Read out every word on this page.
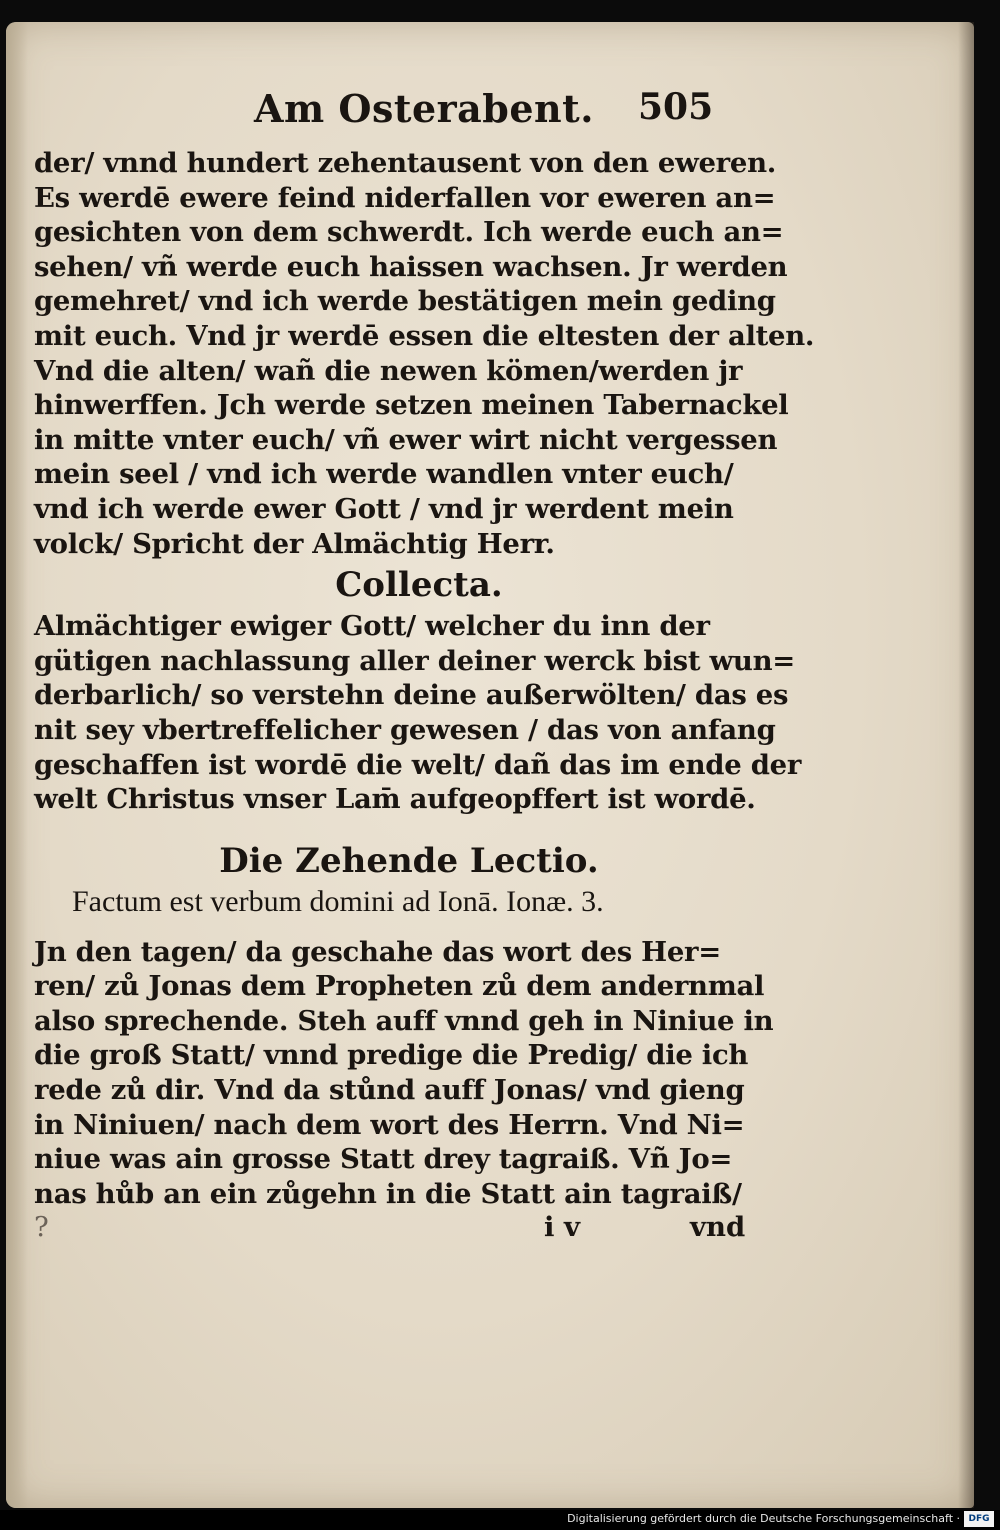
Am Osterabent. 505
der/ vnnd hundert zehentausent von den eweren.
Es werdē ewere feind niderfallen vor eweren an=
gesichten von dem schwerdt. Ich werde euch an=
sehen/ vñ werde euch haissen wachsen. Jr werden
gemehret/ vnd ich werde bestätigen mein geding
mit euch. Vnd jr werdē essen die eltesten der alten.
Vnd die alten/ wañ die newen kömen/werden jr
hinwerffen. Jch werde setzen meinen Tabernackel
in mitte vnter euch/ vñ ewer wirt nicht vergessen
mein seel / vnd ich werde wandlen vnter euch/
vnd ich werde ewer Gott / vnd jr werdent mein
volck/ Spricht der Almächtig Herr.
Collecta.
Almächtiger ewiger Gott/ welcher du inn der
gütigen nachlassung aller deiner werck bist wun=
derbarlich/ so verstehn deine außerwölten/ das es
nit sey vbertreffelicher gewesen / das von anfang
geschaffen ist wordē die welt/ dañ das im ende der
welt Christus vnser Lam̄ aufgeopffert ist wordē.
Die Zehende Lectio.
Factum est verbum domini ad Ionā. Ionæ. 3.
Jn den tagen/ da geschahe das wort des Her=
ren/ zů Jonas dem Propheten zů dem andernmal
also sprechende. Steh auff vnnd geh in Niniue in
die groß Statt/ vnnd predige die Predig/ die ich
rede zů dir. Vnd da stůnd auff Jonas/ vnd gieng
in Niniuen/ nach dem wort des Herrn. Vnd Ni=
niue was ain grosse Statt drey tagraiß. Vñ Jo=
nas hůb an ein zůgehn in die Statt ain tagraiß/
?	i v	vnd
Digitalisierung gefördert durch die Deutsche Forschungsgemeinschaft · DFG
